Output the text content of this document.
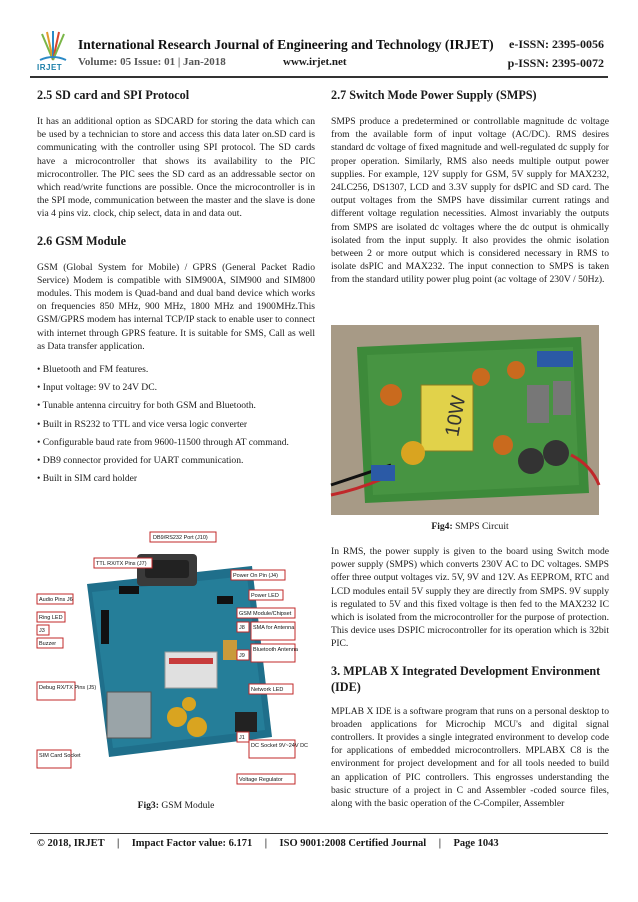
IRJET
International Research Journal of Engineering and Technology (IRJET) e-ISSN: 2395-0056
Volume: 05 Issue: 01 | Jan-2018	www.irjet.net	p-ISSN: 2395-0072
2.5 SD card and SPI Protocol

It has an additional option as SDCARD for storing the data which can be used by a technician to store and access this data later on.SD card is communicating with the controller using SPI protocol. The SD cards have a microcontroller that shows its availability to the PIC microcontroller. The PIC sees the SD card as an addressable sector on which read/write functions are possible. Once the microcontroller is in the SPI mode, communication between the master and the slave is done via 4 pins viz. clock, chip select, data in and data out.

2.6 GSM Module

GSM (Global System for Mobile) / GPRS (General Packet Radio Service) Modem is compatible with SIM900A, SIM900 and SIM800 modules. This modem is Quad-band and dual band device which works on frequencies 850 MHz, 900 MHz, 1800 MHz and 1900MHz.This GSM/GPRS modem has internal TCP/IP stack to enable user to connect with internet through GPRS feature. It is suitable for SMS, Call as well as Data transfer application.

• Bluetooth and FM features.

• Input voltage: 9V to 24V DC.

• Tunable antenna circuitry for both GSM and Bluetooth.

• Built in RS232 to TTL and vice versa logic converter

• Configurable baud rate from 9600-11500 through AT command.

• DB9 connector provided for UART communication.

• Built in SIM card holder

DB9/RS232 Port (J10)
TTL RX/TX Pins (J7)
Power On Pin (J4)
Audio Pins J6
Ring LED
J3
Buzzer
Power LED
GSM Module/Chipset
J8 SMA for Antenna
Debug RX/TX Pins (J5)
J9
Bluetooth Antenna
Network LED
SIM Card Socket
J1
DC Socket 9V~24V DC
Voltage Regulator
Fig3: GSM Module
2.7 Switch Mode Power Supply (SMPS)

SMPS produce a predetermined or controllable magnitude dc voltage from the available form of input voltage (AC/DC). RMS desires standard dc voltage of fixed magnitude and well-regulated dc supply for proper operation. Similarly, RMS also needs multiple output power supplies. For example, 12V supply for GSM, 5V supply for MAX232, 24LC256, DS1307, LCD and 3.3V supply for dsPIC and SD card. The output voltages from the SMPS have dissimilar current ratings and different voltage regulation necessities. Almost invariably the outputs from SMPS are isolated dc voltages where the dc output is ohmically isolated from the input supply. It also provides the ohmic isolation between 2 or more output which is considered necessary in RMS to isolate dsPIC and MAX232. The input connection to SMPS is taken from the standard utility power plug point (ac voltage of 230V / 50Hz).

10W
Fig4: SMPS Circuit

In RMS, the power supply is given to the board using Switch mode power supply (SMPS) which converts 230V AC to DC voltages. SMPS offer three output voltages viz. 5V, 9V and 12V. As EEPROM, RTC and LCD modules entail 5V supply they are directly from SMPS. 9V supply is regulated to 5V and this fixed voltage is then fed to the MAX232 IC which is isolated from the microcontroller for the purpose of protection. This device uses DSPIC microcontroller for its operation which is 32bit PIC.

3. MPLAB X Integrated Development Environment (IDE)

MPLAB X IDE is a software program that runs on a personal desktop to broaden applications for Microchip MCU's and digital signal controllers. It provides a single integrated environment to develop code for applications of embedded microcontrollers. MPLABX C8 is the environment for project development and for all tools needed to build an application of PIC controllers. This engrosses understanding the basic structure of a project in C and Assembler -coded source files, along with the basic operation of the C-Compiler, Assembler

© 2018, IRJET | Impact Factor value: 6.171 | ISO 9001:2008 Certified Journal | Page 1043
